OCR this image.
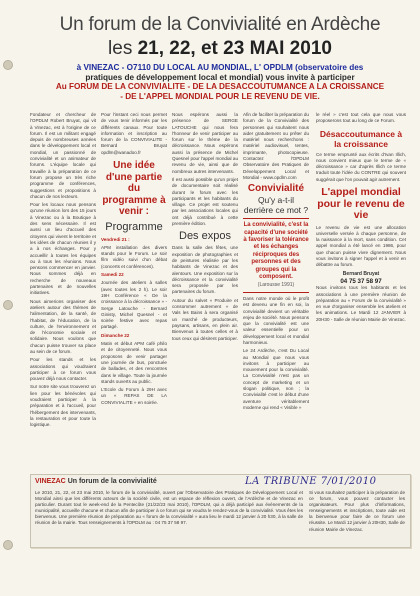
Un forum de la Convivialité en Ardèche
les 21, 22, et 23 MAI 2010
à VINEZAC - O7110 DU LOCAL AU MONDIAL, L' OPDLM (observatoire des
pratiques de développement local et mondial) vous invite à participer
Au FORUM DE LA CONVIVIALITE - DE LA DESACCOUTUMANCE A LA CROISSANCE
- DE L'APPEL MONDIAL POUR LE REVENU DE VIE.

Fondateur et chercheur de l'OPDLM Robert Bruyat, qui vit à Vinezac, est à l'origine de ce forum. Il est un militant engagé depuis de nombreuses années dans le développement local et mondial, un passionné de convivialité et un animateur de forums. L'équipe locale qui travaille à la préparation de ce forum propose un très riche programme de conférences, suggestions et propositions à chacun de nos lecteurs.

Pour les locaux nous pensons qu'une réunion lors des 15 jours à Vinezac ou à la Boutique à des sens nécessaire. Il est aussi un lieu d'accueil des citoyens qui vivent le territoire et les idées de chacun réunies il y a à nos échanges. Pour y accueillir à toutes les équipes ou à tous les réunions. Nous pensons commencer en janvier. Nous sommes déjà en recherche de nouveaux partenaires et de nouvelles initiatives.

Nous aimerions organiser des ateliers autour des thèmes de l'alimentation, de la santé, de l'habitat, de l'éducation, de la culture, de l'environnement et de l'économie sociale et solidaire. Nous voulons que chacun puisse trouver sa place au sein de ce forum.

Pour les stands et les associations qui voudraient participer à ce forum vous pouvez déjà nous contacter.

Sur notre site vous trouverez un lien pour les bénévoles qui voudraient participer à la préparation et à l'accueil, pour l'hébergement des intervenants, la restauration et pour toute la logistique.

Pour l'instant ceci nous permet de vous tenir informés par les différents canaux. Pour toute information et inscription au forum de la CONVIVIALITE - Bernard Bruyat opdlm@wanadoo.fr

Une idée d'une partie du programme à venir :
Programme

Vendredi 21 :

APM installation des divers stands pour le Forum. Le soir film vidéo suivi d'un débat (concerts et conférences).

Samedi 22

Journée des ateliers à salles (avec toutes les 2 h). Le soir 19H Conférence « De la croissance à la décroissance » - Serge Latouche - Bernard Ginisty, Michel Quesnel - et soirée festive avec repas partagé.

Dimanche 22

Matin et début APM café philo et de citoyenneté. Nous vous proposons de venir partager une journée de bus, ponctuée de ballades, et des rencontres dans le village. Toute la journée stands ouverts au public.

L'Ecole du Forum à 29H avec un « REPAS DE LA CONVIVIALITE » en soirée.

Nous espérons aussi la présence de SERGE LATOUCHE qui nous fera l'honneur de venir participer au forum sur le thème de la décroissance. Nous espérons aussi la présence de Michel Quesnel pour l'appel mondial au revenu de vie, ainsi que de nombreux autres intervenants.

Il est aussi possible qu'un projet de documentaire soit réalisé durant le forum avec les participants et les habitants du village. Ce projet est soutenu par les associations locales qui ont déjà contribué à cette première édition.

Des expos

Dans la salle des fêtes, une exposition de photographies et de peintures réalisée par les habitants de Vinezac et des alentours. Une exposition sur la décroissance et la convivialité sera proposée par les partenaires du forum.

Autour du salvet « Produire et consommer autrement » de Vals les Bains à sera organisé un marché de producteurs, paysans, artisans, en plein air. Bienvenus à toutes celles et à tous ceux qui désirent participer.

Afin de faciliter la préparation du forum de la Convivialité des personnes qui souhaitent nous aider gratuitement ou prêter du matériel nous recherchons : matériel audiovisuel, tentes, imprimante, photocopieuse. Contactez l'OPDLM Observatoire des Pratiques de Développement Local et Mondial - www.opdlm.com

Convivialité
Qu'y a-t-il derrière ce mot ?
La convivialité, c'est la capacité d'une société à favoriser la tolérance et les échanges réciproques des personnes et des groupes qui la composent.
(Larousse 1991)

Dans notre monde où le profit est devenu une fin en soi, la convivialité devient un véritable enjeu de société. Nous pensons que la convivialité est une valeur essentielle pour un développement local et mondial harmonieux.

Le 24 Ardèche, c'est Du Local au Mondial que nous vous invitons à participer au mouvement pour la convivialité. La Convivialité n'est pas un concept de marketing et un slogan politique, non ; la Convivialité c'est le début d'une aventure véritablement moderne qui rend « Visible »

le réel » c'est tout cela que nous vous proposerons tout au long de ce Forum.

Désaccoutumance à la croissance

Ce terme emprunté aux écrits d'Ivan Illich, nous convient mieux que le terme de « décroissance » car d'après Illich ce terme traduit toute l'idée du CONTRE qui souvent suggérait que l'on pouvait agir autrement.

L'appel mondial pour le revenu de vie

Le revenu de vie est une allocation universelle versée à chaque personne, de la naissance à la mort, sans condition. Cet appel mondial a été lancé en 1986, pour que chacun puisse vivre dignement. Nous vous invitons à signer l'appel et à venir en débattre au forum.

Bernard Bruyat
04 75 37 58 97

Nous invitons tous les habitants et les associations à une première réunion de préparation au « Forum de la convivialité » en vue d'organiser ensemble les ateliers et les animations. Le Mardi 12 JANVIER à 20H30 - Salle de réunion Mairie de Vinezac.

VINEZAC Un forum de la convivialité	LA TRIBUNE 7/01/2010
Le 2010, 21, 22, et 23 mai 2010, le forum de la convivialité, ouvert par l'Observatoire des Pratiques de Développement Local et Mondial ainsi que les différents acteurs de la société civile, est un espace de réflexion ouvert, de l'Ardèche et de Vinezac en particulier. Durant tout le week-end de la Pentecôte (21/22/23 mai 2010), l'OPDLM, qui a déjà participé aux événements de la municipalité, accueille chacune et chacun afin de participer à ce forum qui se voudra le rendez-vous de la convivialité. Vous êtes les bienvenus. Une première réunion de préparation au « forum de la convivialité » aura lieu le mardi 12 janvier à 20 h30, à la salle de réunion de la mairie. Tous renseignements à l'OPDLM au : 04 75 37 58 97.
Si vous souhaitez participer à la préparation de ce forum, vous pouvez contacter les organisateurs. Pour plus d'informations, renseignements et inscriptions, toute aide est la bienvenue pour faire de ce forum une réussite. Le Mardi 12 janvier à 20H30, Salle de réunion Mairie de Vinezac.
